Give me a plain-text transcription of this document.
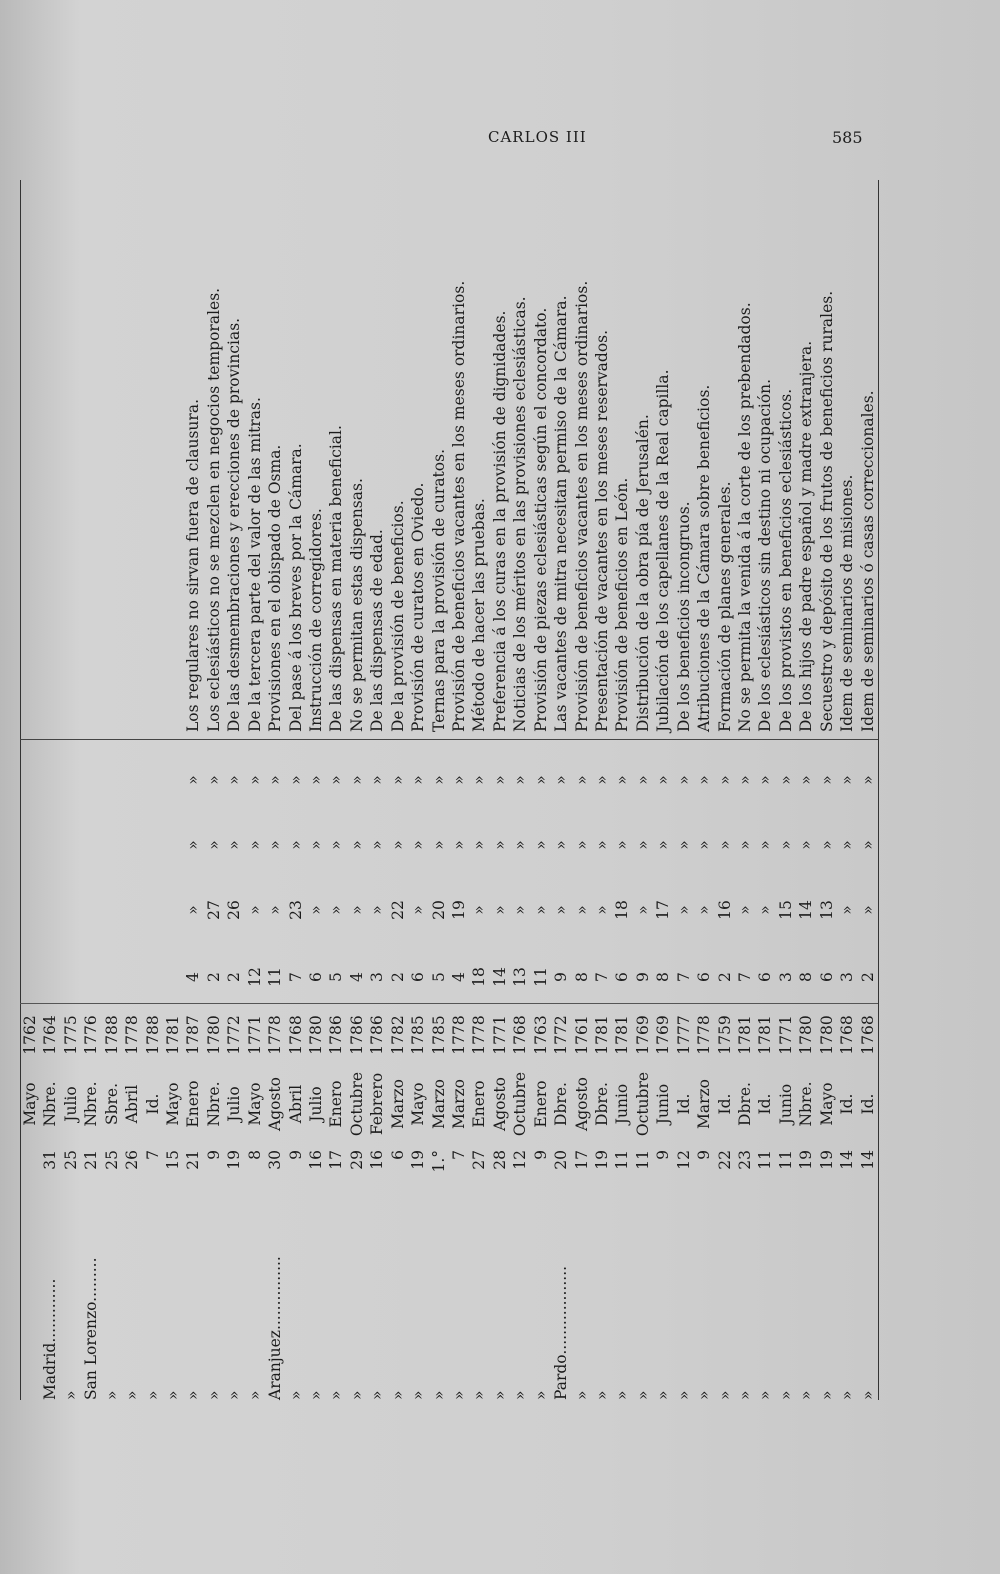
CARLOS III	585
»
14
Id.
1768
2
»
»
»
Idem de seminarios ó casas correccionales.
»
14
Id.
1768
3
»
»
»
Idem de seminarios de misiones.
»
19
Mayo
1780
6
13
»
»
Secuestro y depósito de los frutos de beneficios rurales.
»
19
Nbre.
1780
8
14
»
»
De los hijos de padre español y madre extranjera.
»
11
Junio
1771
3
15
»
»
De los provistos en beneficios eclesiásticos.
»
11
Id.
1781
6
»
»
»
De los eclesiásticos sin destino ni ocupación.
»
23
Dbre.
1781
7
»
»
»
No se permita la venida á la corte de los prebendados.
»
22
Id.
1759
2
16
»
»
Formación de planes generales.
»
9
Marzo
1778
6
»
»
»
Atribuciones de la Cámara sobre beneficios.
»
12
Id.
1777
7
»
»
»
De los beneficios incongruos.
»
9
Junio
1769
8
17
»
»
Jubilación de los capellanes de la Real capilla.
»
11
Octubre
1769
9
»
»
»
Distribución de la obra pía de Jerusalén.
»
11
Junio
1781
6
18
»
»
Provisión de beneficios en León.
»
19
Dbre.
1781
7
»
»
»
Presentación de vacantes en los meses reservados.
»
17
Agosto
1761
8
»
»
»
Provisión de beneficios vacantes en los meses ordinarios.
Pardo..................
20
Dbre.
1772
9
»
»
»
Las vacantes de mitra necesitan permiso de la Cámara.
»
9
Enero
1763
11
»
»
»
Provisión de piezas eclesiásticas según el concordato.
»
12
Octubre
1768
13
»
»
»
Noticias de los méritos en las provisiones eclesiásticas.
»
28
Agosto
1771
14
»
»
»
Preferencia á los curas en la provisión de dignidades.
»
27
Enero
1778
18
»
»
»
Método de hacer las pruebas.
»
7
Marzo
1778
4
19
»
»
Provisión de beneficios vacantes en los meses ordinarios.
»
1.°
Marzo
1785
5
20
»
»
Ternas para la provisión de curatos.
»
19
Mayo
1785
6
»
»
»
Provisión de curatos en Oviedo.
»
6
Marzo
1782
2
22
»
»
De la provisión de beneficios.
»
16
Febrero
1786
3
»
»
»
De las dispensas de edad.
»
29
Octubre
1786
4
»
»
»
No se permitan estas dispensas.
»
17
Enero
1786
5
»
»
»
De las dispensas en materia beneficial.
»
16
Julio
1780
6
»
»
»
Instrucción de corregidores.
»
9
Abril
1768
7
23
»
»
Del pase á los breves por la Cámara.
Aranjuez...............
30
Agosto
1778
11
»
»
»
Provisiones en el obispado de Osma.
»
8
Mayo
1771
12
»
»
»
De la tercera parte del valor de las mitras.
»
19
Julio
1772
2
26
»
»
De las desmembraciones y erecciones de provincias.
»
9
Nbre.
1780
2
27
»
»
Los eclesiásticos no se mezclen en negocios temporales.
»
21
Enero
1787
4
»
»
»
Los regulares no sirvan fuera de clausura.
»
15
Mayo
1781
»
7
Id.
1788
»
26
Abril
1778
»
25
Sbre.
1788
San Lorenzo.........
21
Nbre.
1776
»
25
Julio
1775
Madrid.............
31
Nbre.
1764
Mayo
1762
